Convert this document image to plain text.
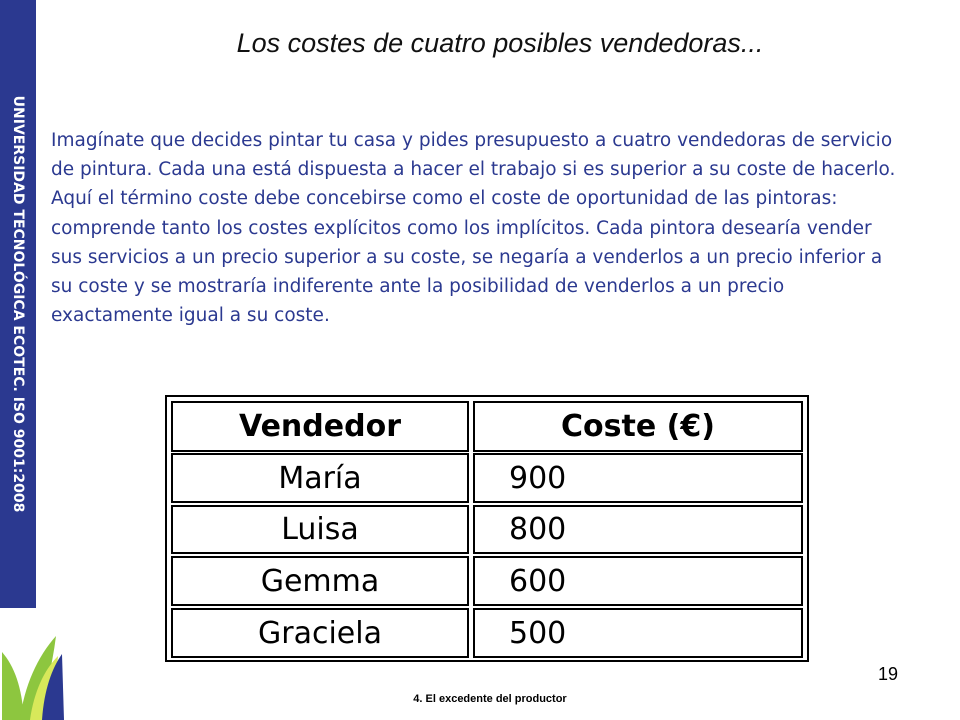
UNIVERSIDAD TECNOLÓGICA ECOTEC. ISO 9001:2008
Los costes de cuatro posibles vendedoras...

Imagínate que decides pintar tu casa y pides presupuesto a cuatro vendedoras de servicio de pintura. Cada una está dispuesta a hacer el trabajo si es superior a su coste de hacerlo. Aquí el término coste debe concebirse como el coste de oportunidad de las pintoras: comprende tanto los costes explícitos como los implícitos. Cada pintora desearía vender sus servicios a un precio superior a su coste, se negaría a venderlos a un precio inferior a su coste y se mostraría indiferente ante la posibilidad de venderlos a un precio exactamente igual a su coste.

Vendedor	Coste (€)
María	900
Luisa	800
Gemma	600
Graciela	500
19
4. El excedente del productor
